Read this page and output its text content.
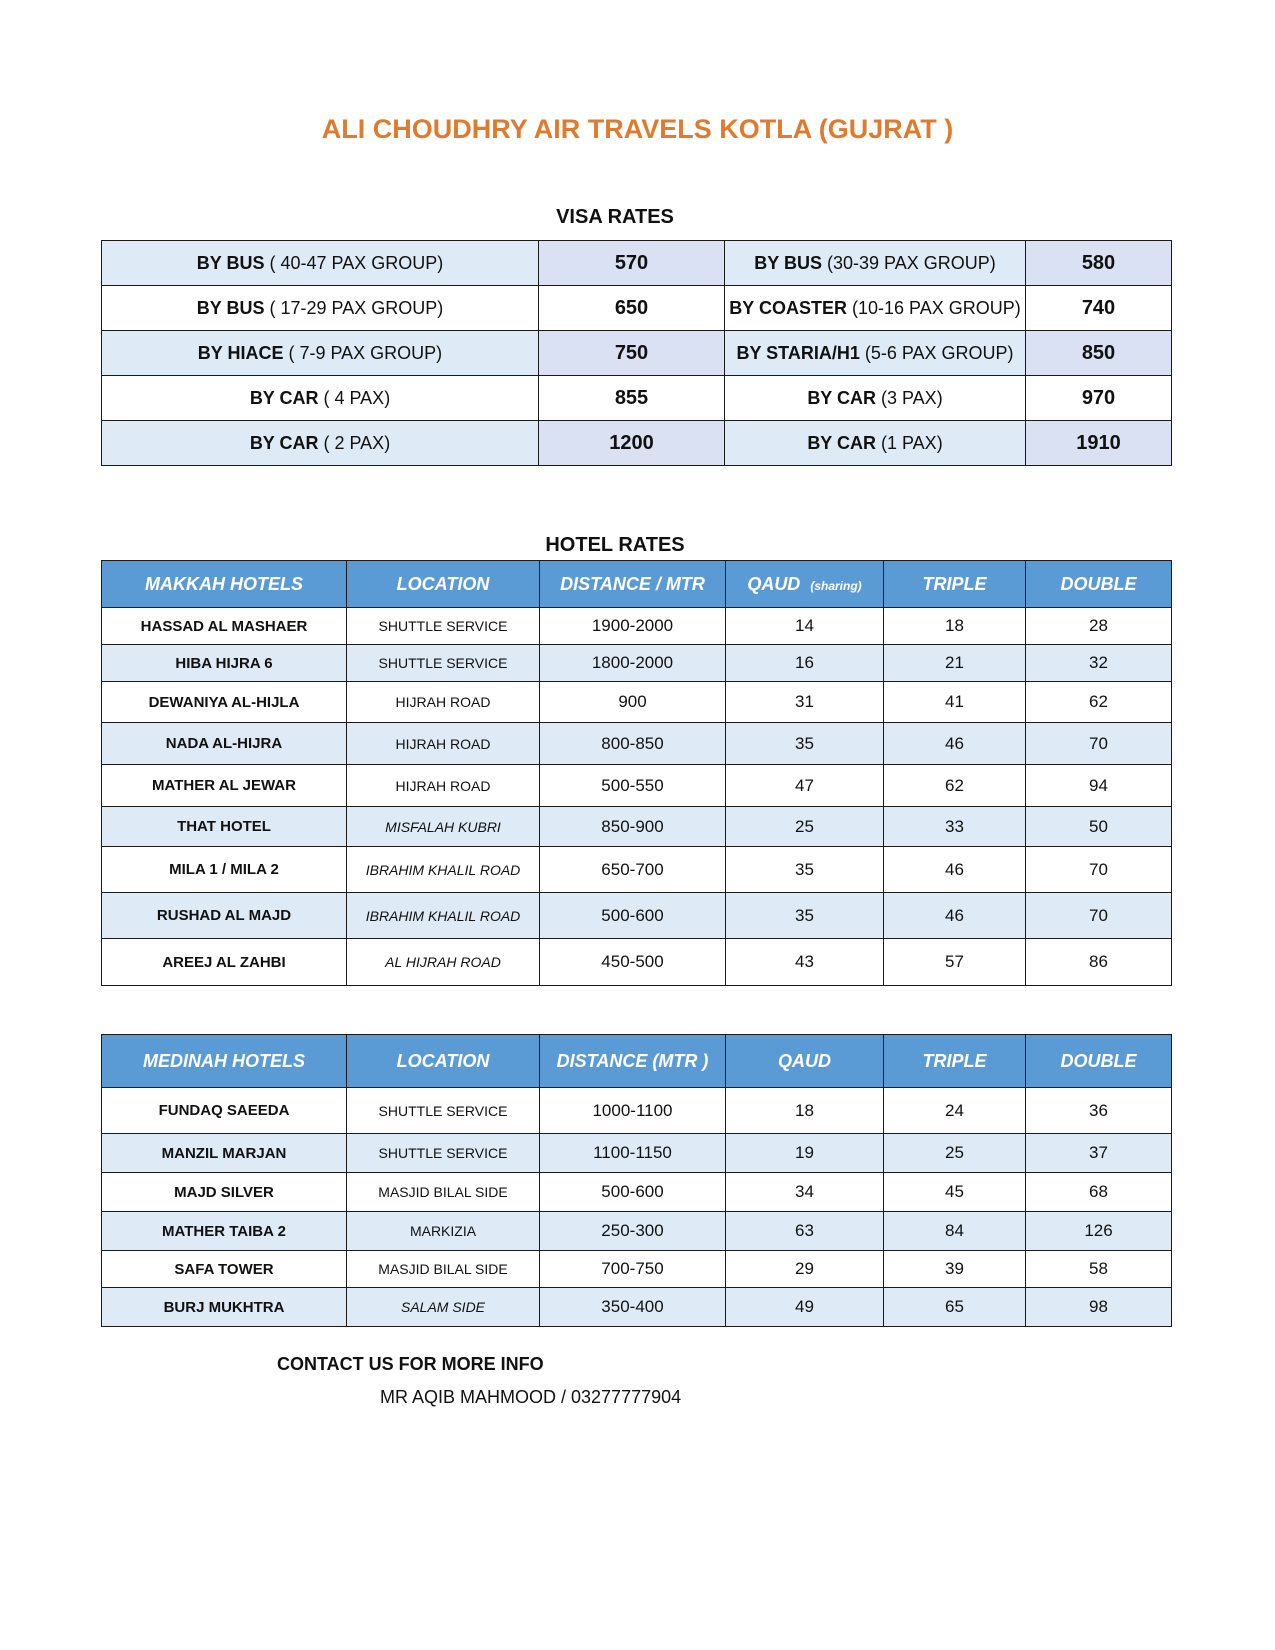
ALI CHOUDHRY AIR TRAVELS KOTLA (GUJRAT )
VISA RATES
BY BUS ( 40-47 PAX GROUP)	570	BY BUS (30-39 PAX GROUP)	580
BY BUS ( 17-29 PAX GROUP)	650	BY COASTER (10-16 PAX GROUP)	740
BY HIACE ( 7-9 PAX GROUP)	750	BY STARIA/H1 (5-6 PAX GROUP)	850
BY CAR ( 4 PAX)	855	BY CAR (3 PAX)	970
BY CAR ( 2 PAX)	1200	BY CAR (1 PAX)	1910
HOTEL RATES
MAKKAH HOTELS	LOCATION	DISTANCE / MTR	QAUD (sharing)	TRIPLE	DOUBLE
HASSAD AL MASHAER	SHUTTLE SERVICE	1900-2000	14	18	28
HIBA HIJRA 6	SHUTTLE SERVICE	1800-2000	16	21	32
DEWANIYA AL-HIJLA	HIJRAH ROAD	900	31	41	62
NADA AL-HIJRA	HIJRAH ROAD	800-850	35	46	70
MATHER AL JEWAR	HIJRAH ROAD	500-550	47	62	94
THAT HOTEL	MISFALAH KUBRI	850-900	25	33	50
MILA 1 / MILA 2	IBRAHIM KHALIL ROAD	650-700	35	46	70
RUSHAD AL MAJD	IBRAHIM KHALIL ROAD	500-600	35	46	70
AREEJ AL ZAHBI	AL HIJRAH ROAD	450-500	43	57	86
MEDINAH HOTELS	LOCATION	DISTANCE (MTR )	QAUD	TRIPLE	DOUBLE
FUNDAQ SAEEDA	SHUTTLE SERVICE	1000-1100	18	24	36
MANZIL MARJAN	SHUTTLE SERVICE	1100-1150	19	25	37
MAJD SILVER	MASJID BILAL SIDE	500-600	34	45	68
MATHER TAIBA 2	MARKIZIA	250-300	63	84	126
SAFA TOWER	MASJID BILAL SIDE	700-750	29	39	58
BURJ MUKHTRA	SALAM SIDE	350-400	49	65	98
CONTACT US FOR MORE INFO
MR AQIB MAHMOOD / 03277777904
